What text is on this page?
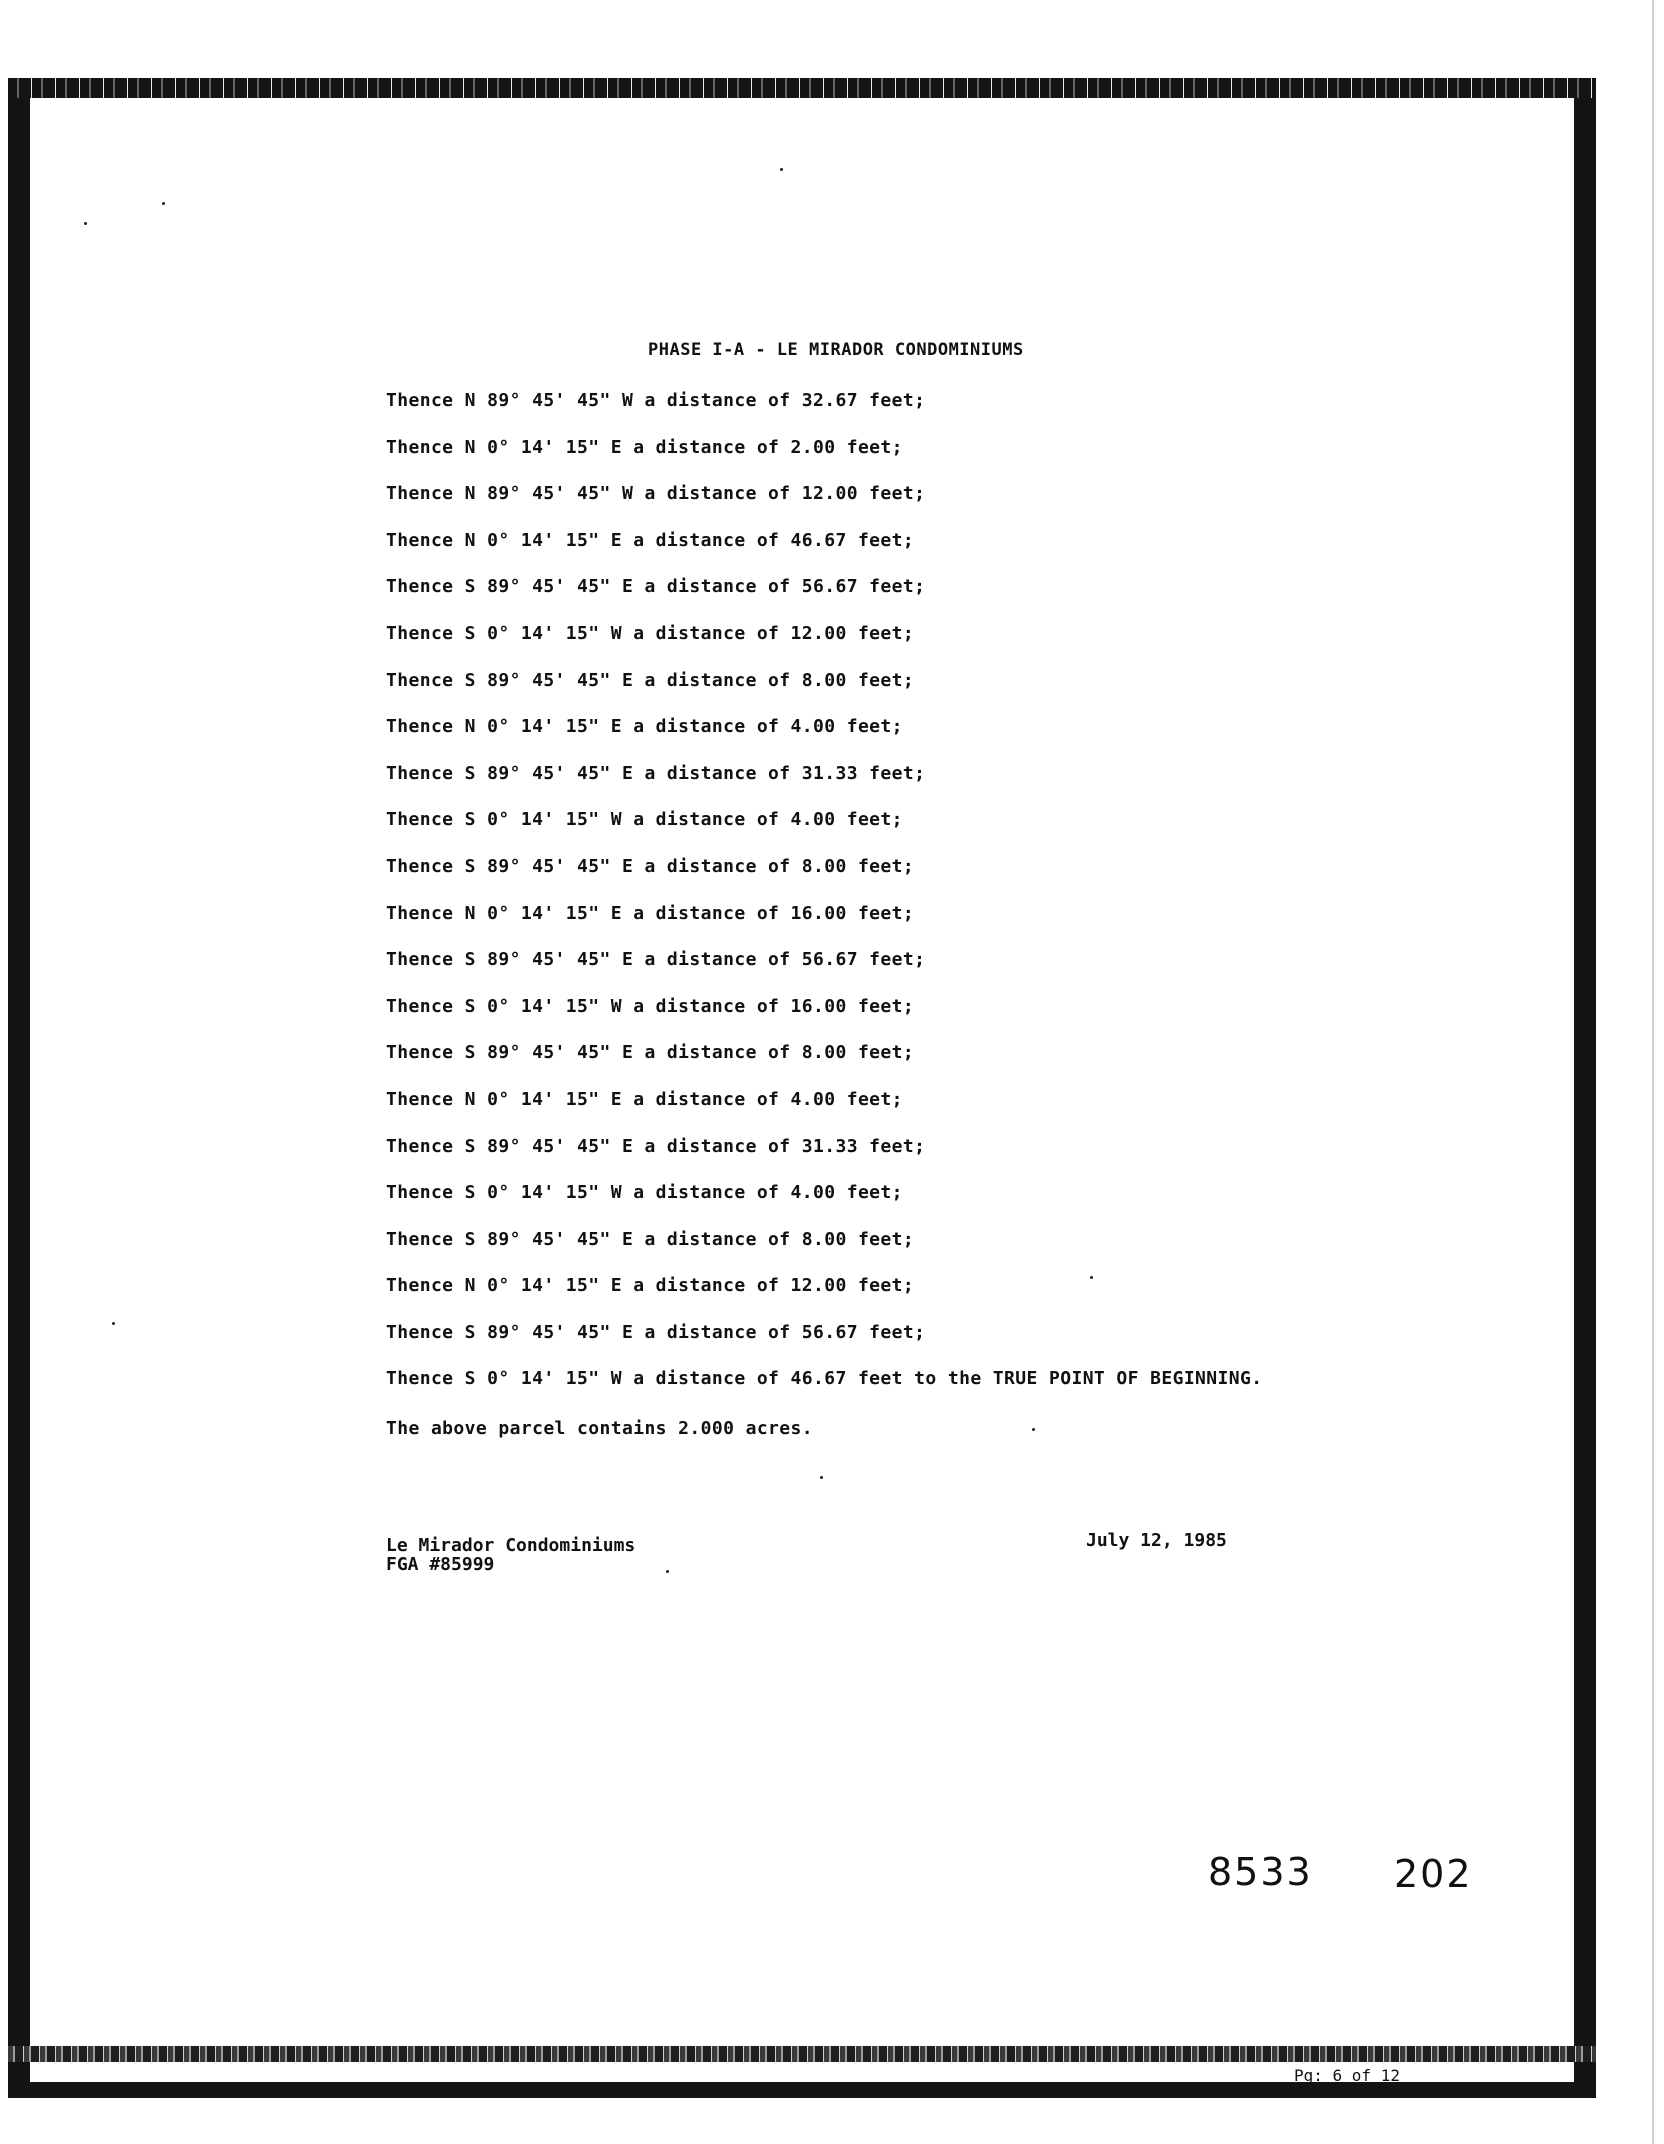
PHASE I-A - LE MIRADOR CONDOMINIUMS
Thence N 89° 45' 45" W a distance of 32.67 feet;
Thence N 0° 14' 15" E a distance of 2.00 feet;
Thence N 89° 45' 45" W a distance of 12.00 feet;
Thence N 0° 14' 15" E a distance of 46.67 feet;
Thence S 89° 45' 45" E a distance of 56.67 feet;
Thence S 0° 14' 15" W a distance of 12.00 feet;
Thence S 89° 45' 45" E a distance of 8.00 feet;
Thence N 0° 14' 15" E a distance of 4.00 feet;
Thence S 89° 45' 45" E a distance of 31.33 feet;
Thence S 0° 14' 15" W a distance of 4.00 feet;
Thence S 89° 45' 45" E a distance of 8.00 feet;
Thence N 0° 14' 15" E a distance of 16.00 feet;
Thence S 89° 45' 45" E a distance of 56.67 feet;
Thence S 0° 14' 15" W a distance of 16.00 feet;
Thence S 89° 45' 45" E a distance of 8.00 feet;
Thence N 0° 14' 15" E a distance of 4.00 feet;
Thence S 89° 45' 45" E a distance of 31.33 feet;
Thence S 0° 14' 15" W a distance of 4.00 feet;
Thence S 89° 45' 45" E a distance of 8.00 feet;
Thence N 0° 14' 15" E a distance of 12.00 feet;
Thence S 89° 45' 45" E a distance of 56.67 feet;
Thence S 0° 14' 15" W a distance of 46.67 feet to the TRUE POINT OF BEGINNING.
The above parcel contains 2.000 acres.
Le Mirador Condominiums
FGA #85999
July 12, 1985
8533 202
Pg: 6 of 12
